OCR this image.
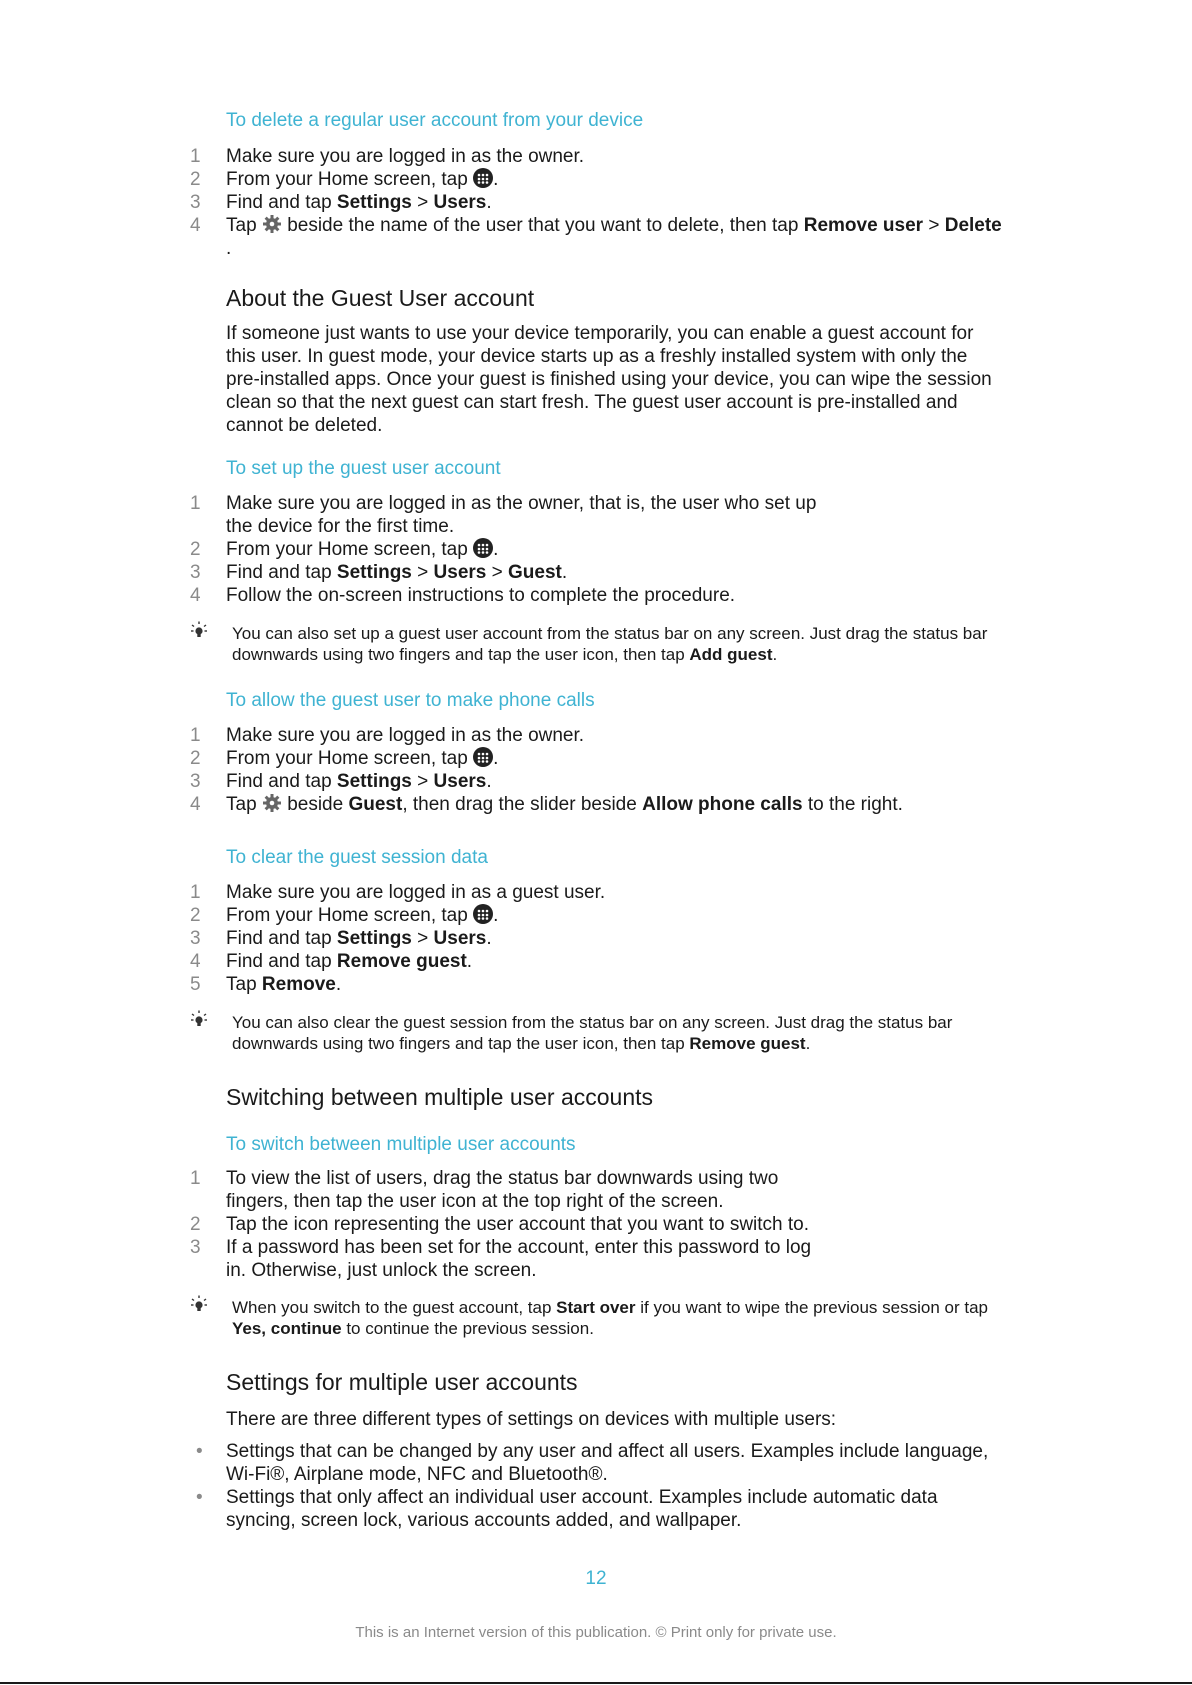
To delete a regular user account from your device
1	Make sure you are logged in as the owner.
2	From your Home screen, tap .
3	Find and tap Settings > Users.
4	Tap  beside the name of the user that you want to delete, then tap Remove user > Delete .
About the Guest User account
If someone just wants to use your device temporarily, you can enable a guest account for this user. In guest mode, your device starts up as a freshly installed system with only the pre-installed apps. Once your guest is finished using your device, you can wipe the session clean so that the next guest can start fresh. The guest user account is pre-installed and cannot be deleted.
To set up the guest user account
1	Make sure you are logged in as the owner, that is, the user who set up the device for the first time.
2	From your Home screen, tap .
3	Find and tap Settings > Users > Guest.
4	Follow the on-screen instructions to complete the procedure.
You can also set up a guest user account from the status bar on any screen. Just drag the status bar downwards using two fingers and tap the user icon, then tap Add guest.
To allow the guest user to make phone calls
1	Make sure you are logged in as the owner.
2	From your Home screen, tap .
3	Find and tap Settings > Users.
4	Tap  beside Guest, then drag the slider beside Allow phone calls to the right.
To clear the guest session data
1	Make sure you are logged in as a guest user.
2	From your Home screen, tap .
3	Find and tap Settings > Users.
4	Find and tap Remove guest.
5	Tap Remove.
You can also clear the guest session from the status bar on any screen. Just drag the status bar downwards using two fingers and tap the user icon, then tap Remove guest.
Switching between multiple user accounts
To switch between multiple user accounts
1	To view the list of users, drag the status bar downwards using two fingers, then tap the user icon at the top right of the screen.
2	Tap the icon representing the user account that you want to switch to.
3	If a password has been set for the account, enter this password to log in. Otherwise, just unlock the screen.
When you switch to the guest account, tap Start over if you want to wipe the previous session or tap Yes, continue to continue the previous session.
Settings for multiple user accounts
There are three different types of settings on devices with multiple users:
• Settings that can be changed by any user and affect all users. Examples include language, Wi-Fi®, Airplane mode, NFC and Bluetooth®.
• Settings that only affect an individual user account. Examples include automatic data syncing, screen lock, various accounts added, and wallpaper.
12
This is an Internet version of this publication. © Print only for private use.
